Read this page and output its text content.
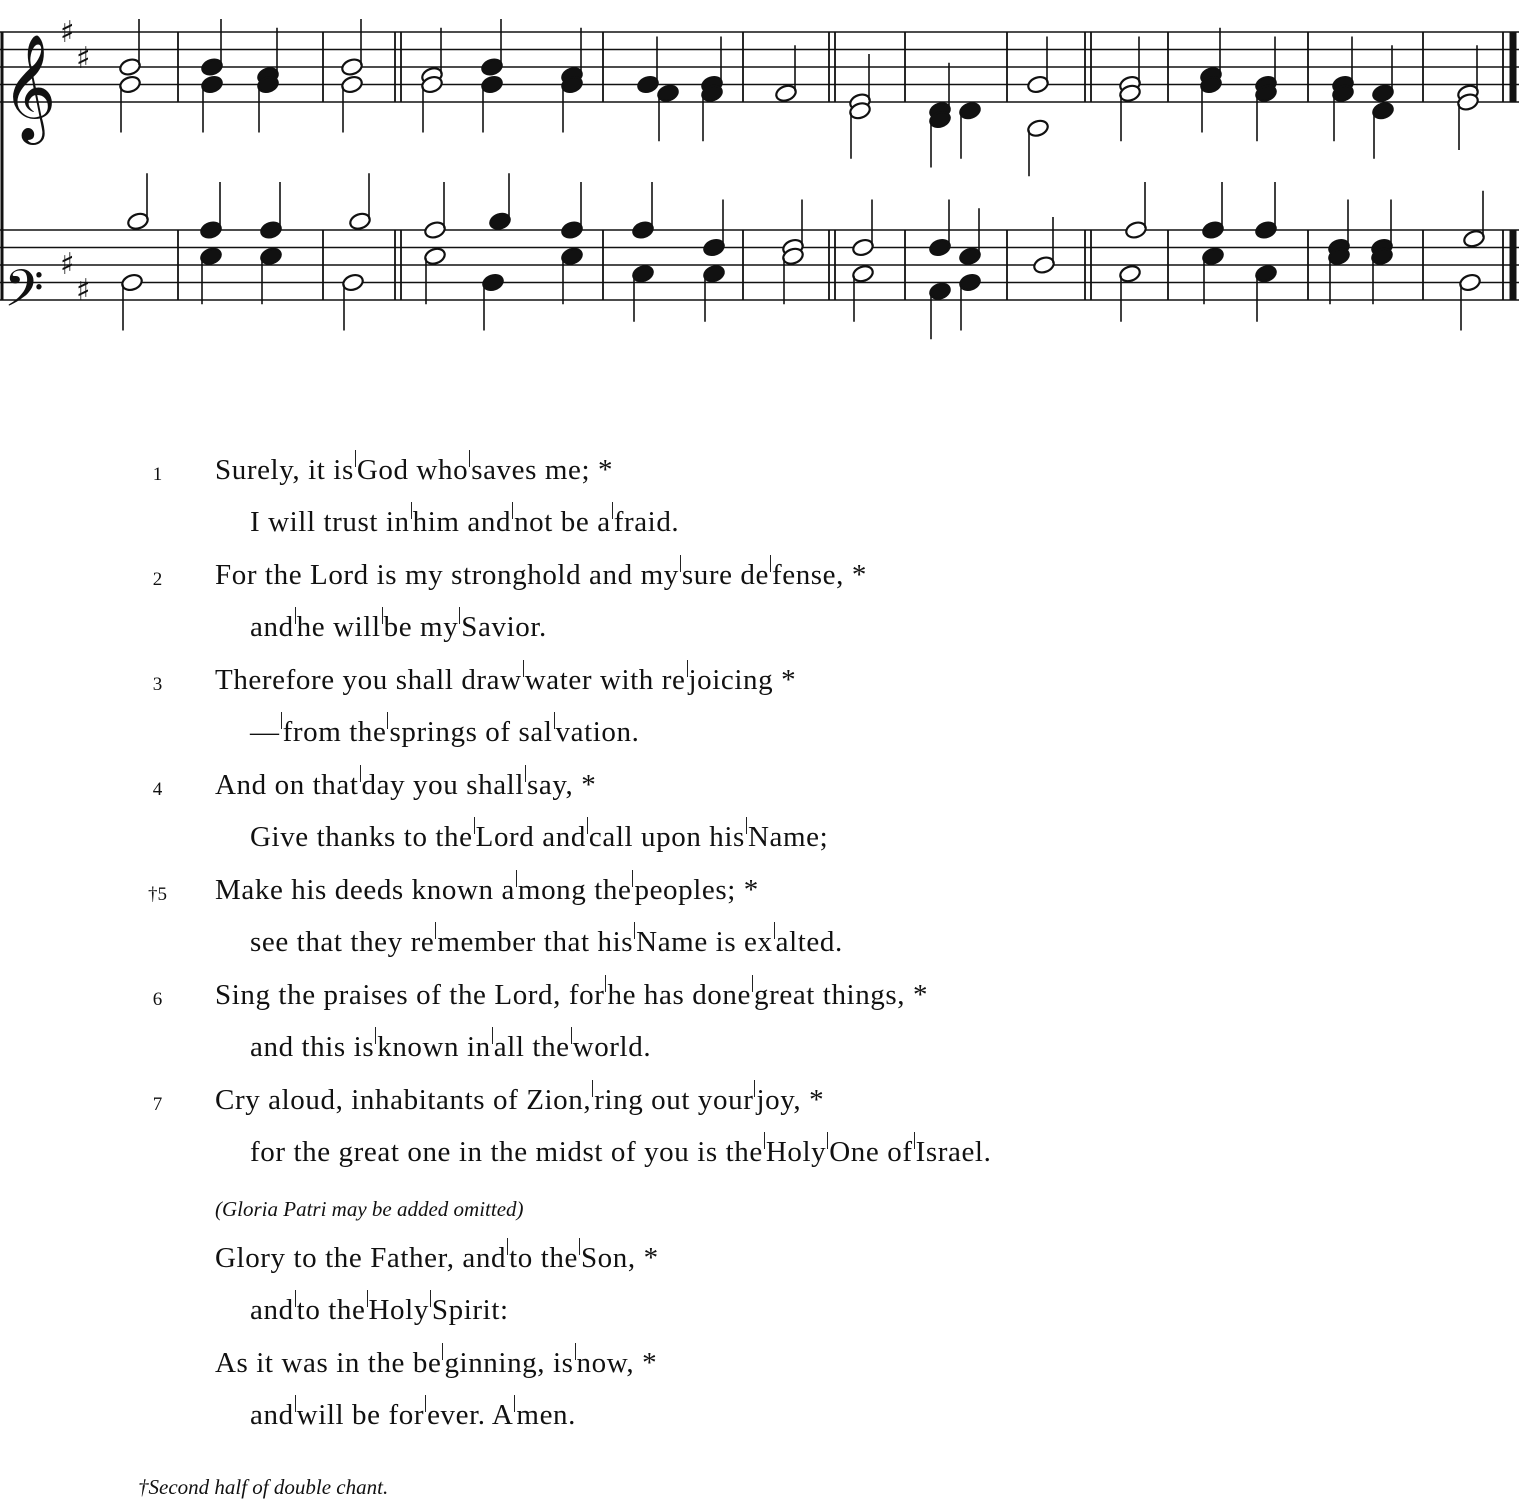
♯
♯
♯
♯
𝄞
𝄢
1	Surely, it is God who saves me; *
I will trust in him and not be a fraid.
2	For the Lord is my stronghold and my sure de fense, *
and he will be my Savior.
3	Therefore you shall draw water with re joicing *
— from the springs of sal vation.
4	And on that day you shall say, *
Give thanks to the Lord and call upon his Name;
†5	Make his deeds known a mong the peoples; *
see that they re member that his Name is ex alted.
6	Sing the praises of the Lord, for he has done great things, *
and this is known in all the world.
7	Cry aloud, inhabitants of Zion, ring out your joy, *
for the great one in the midst of you is the Holy One of Israel.
Glory to the Father, and to the Son, *
and to the Holy Spirit:
As it was in the be ginning, is now, *
and will be for ever. A men.
(Gloria Patri may be added omitted)
†Second half of double chant.
